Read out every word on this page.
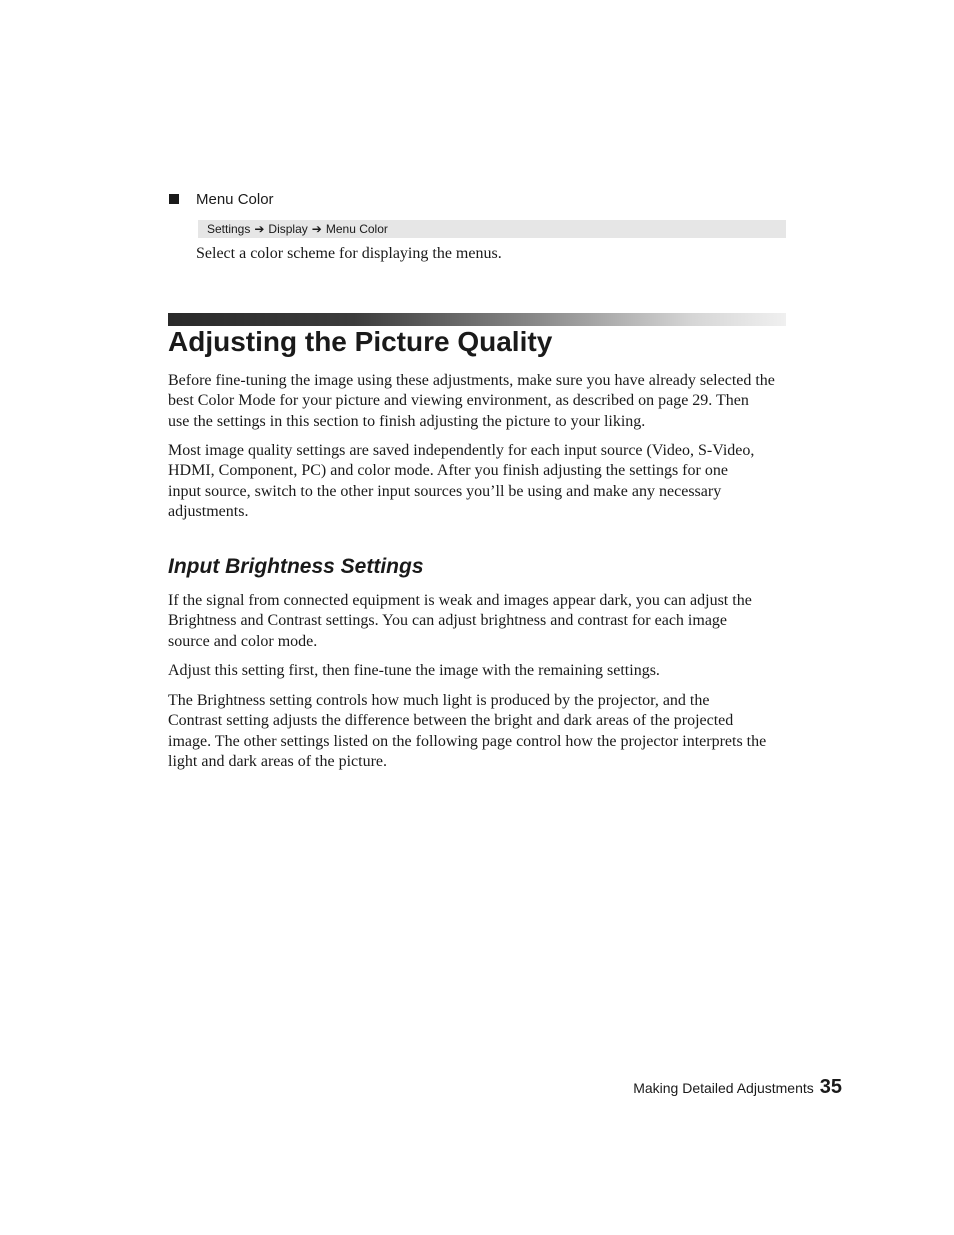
Menu Color
Settings ➔ Display ➔ Menu Color
Select a color scheme for displaying the menus.
Adjusting the Picture Quality

Before fine-tuning the image using these adjustments, make sure you have already selected the
best Color Mode for your picture and viewing environment, as described on page 29. Then
use the settings in this section to finish adjusting the picture to your liking.

Most image quality settings are saved independently for each input source (Video, S-Video,
HDMI, Component, PC) and color mode. After you finish adjusting the settings for one
input source, switch to the other input sources you’ll be using and make any necessary
adjustments.

Input Brightness Settings

If the signal from connected equipment is weak and images appear dark, you can adjust the
Brightness and Contrast settings. You can adjust brightness and contrast for each image
source and color mode.

Adjust this setting first, then fine-tune the image with the remaining settings.

The Brightness setting controls how much light is produced by the projector, and the
Contrast setting adjusts the difference between the bright and dark areas of the projected
image. The other settings listed on the following page control how the projector interprets the
light and dark areas of the picture.

Making Detailed Adjustments 35
